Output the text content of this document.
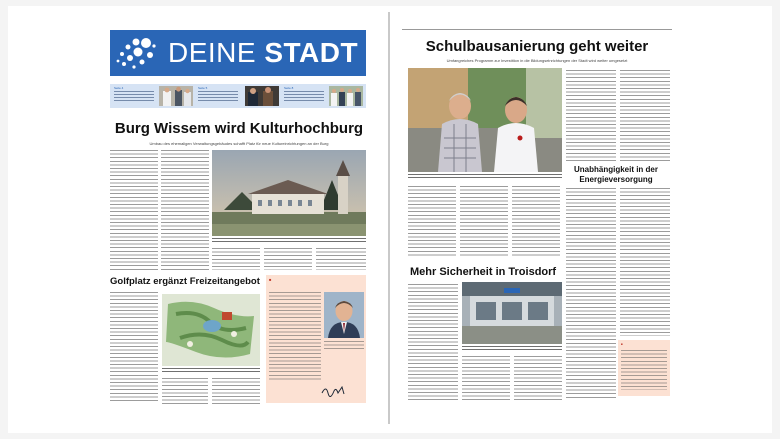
DEINE STADT
Seite 4	Seite 5	Seite 8
Burg Wissem wird Kulturhochburg

Umbau des ehemaligen Verwaltungsgebäudes schafft Platz für neue Kultureinrichtungen an der Burg

Golfplatz ergänzt Freizeitangebot ■
Schulbausanierung geht weiter

Umfangreiches Programm zur Investition in die Bildungseinrichtungen der Stadt wird weiter umgesetzt

Unabhängigkeit in der Energieversorgung
Mehr Sicherheit in Troisdorf
■
